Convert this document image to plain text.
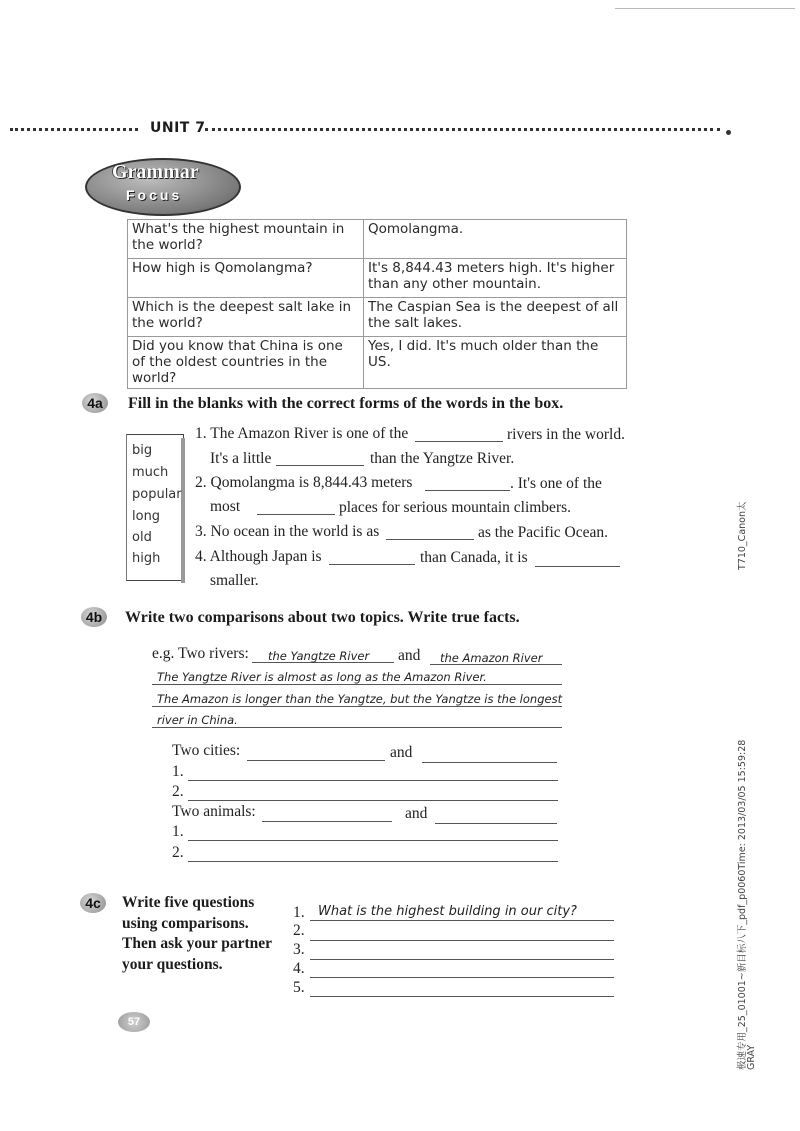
UNIT 7
Grammar
Focus
What's the highest mountain in the world?	Qomolangma.
How high is Qomolangma?	It's 8,844.43 meters high. It's higher than any other mountain.
Which is the deepest salt lake in the world?	The Caspian Sea is the deepest of all the salt lakes.
Did you know that China is one of the oldest countries in the world?	Yes, I did. It's much older than the US.
4a	Fill in the blanks with the correct forms of the words in the box.
big
much
popular
long
old
high
1. The Amazon River is one of the	rivers in the world.
It's a little	than the Yangtze River.
2. Qomolangma is 8,844.43 meters	. It's one of the
most	places for serious mountain climbers.
3. No ocean in the world is as	as the Pacific Ocean.
4. Although Japan is	than Canada, it is
smaller.
4b	Write two comparisons about two topics. Write true facts.
e.g. Two rivers: the Yangtze River and the Amazon River
The Yangtze River is almost as long as the Amazon River.
The Amazon is longer than the Yangtze, but the Yangtze is the longest
river in China.
Two cities:	and
1.
2.
Two animals:	and
1.
2.
4c	Write five questions
using comparisons.
Then ask your partner
your questions.
1. What is the highest building in our city?
2.
3.
4.
5.
57
T710_Canon太
极速专用_25_01001~新目标八下_pdf_p0060Time: 2013/03/05 15:59:28
GRAY
